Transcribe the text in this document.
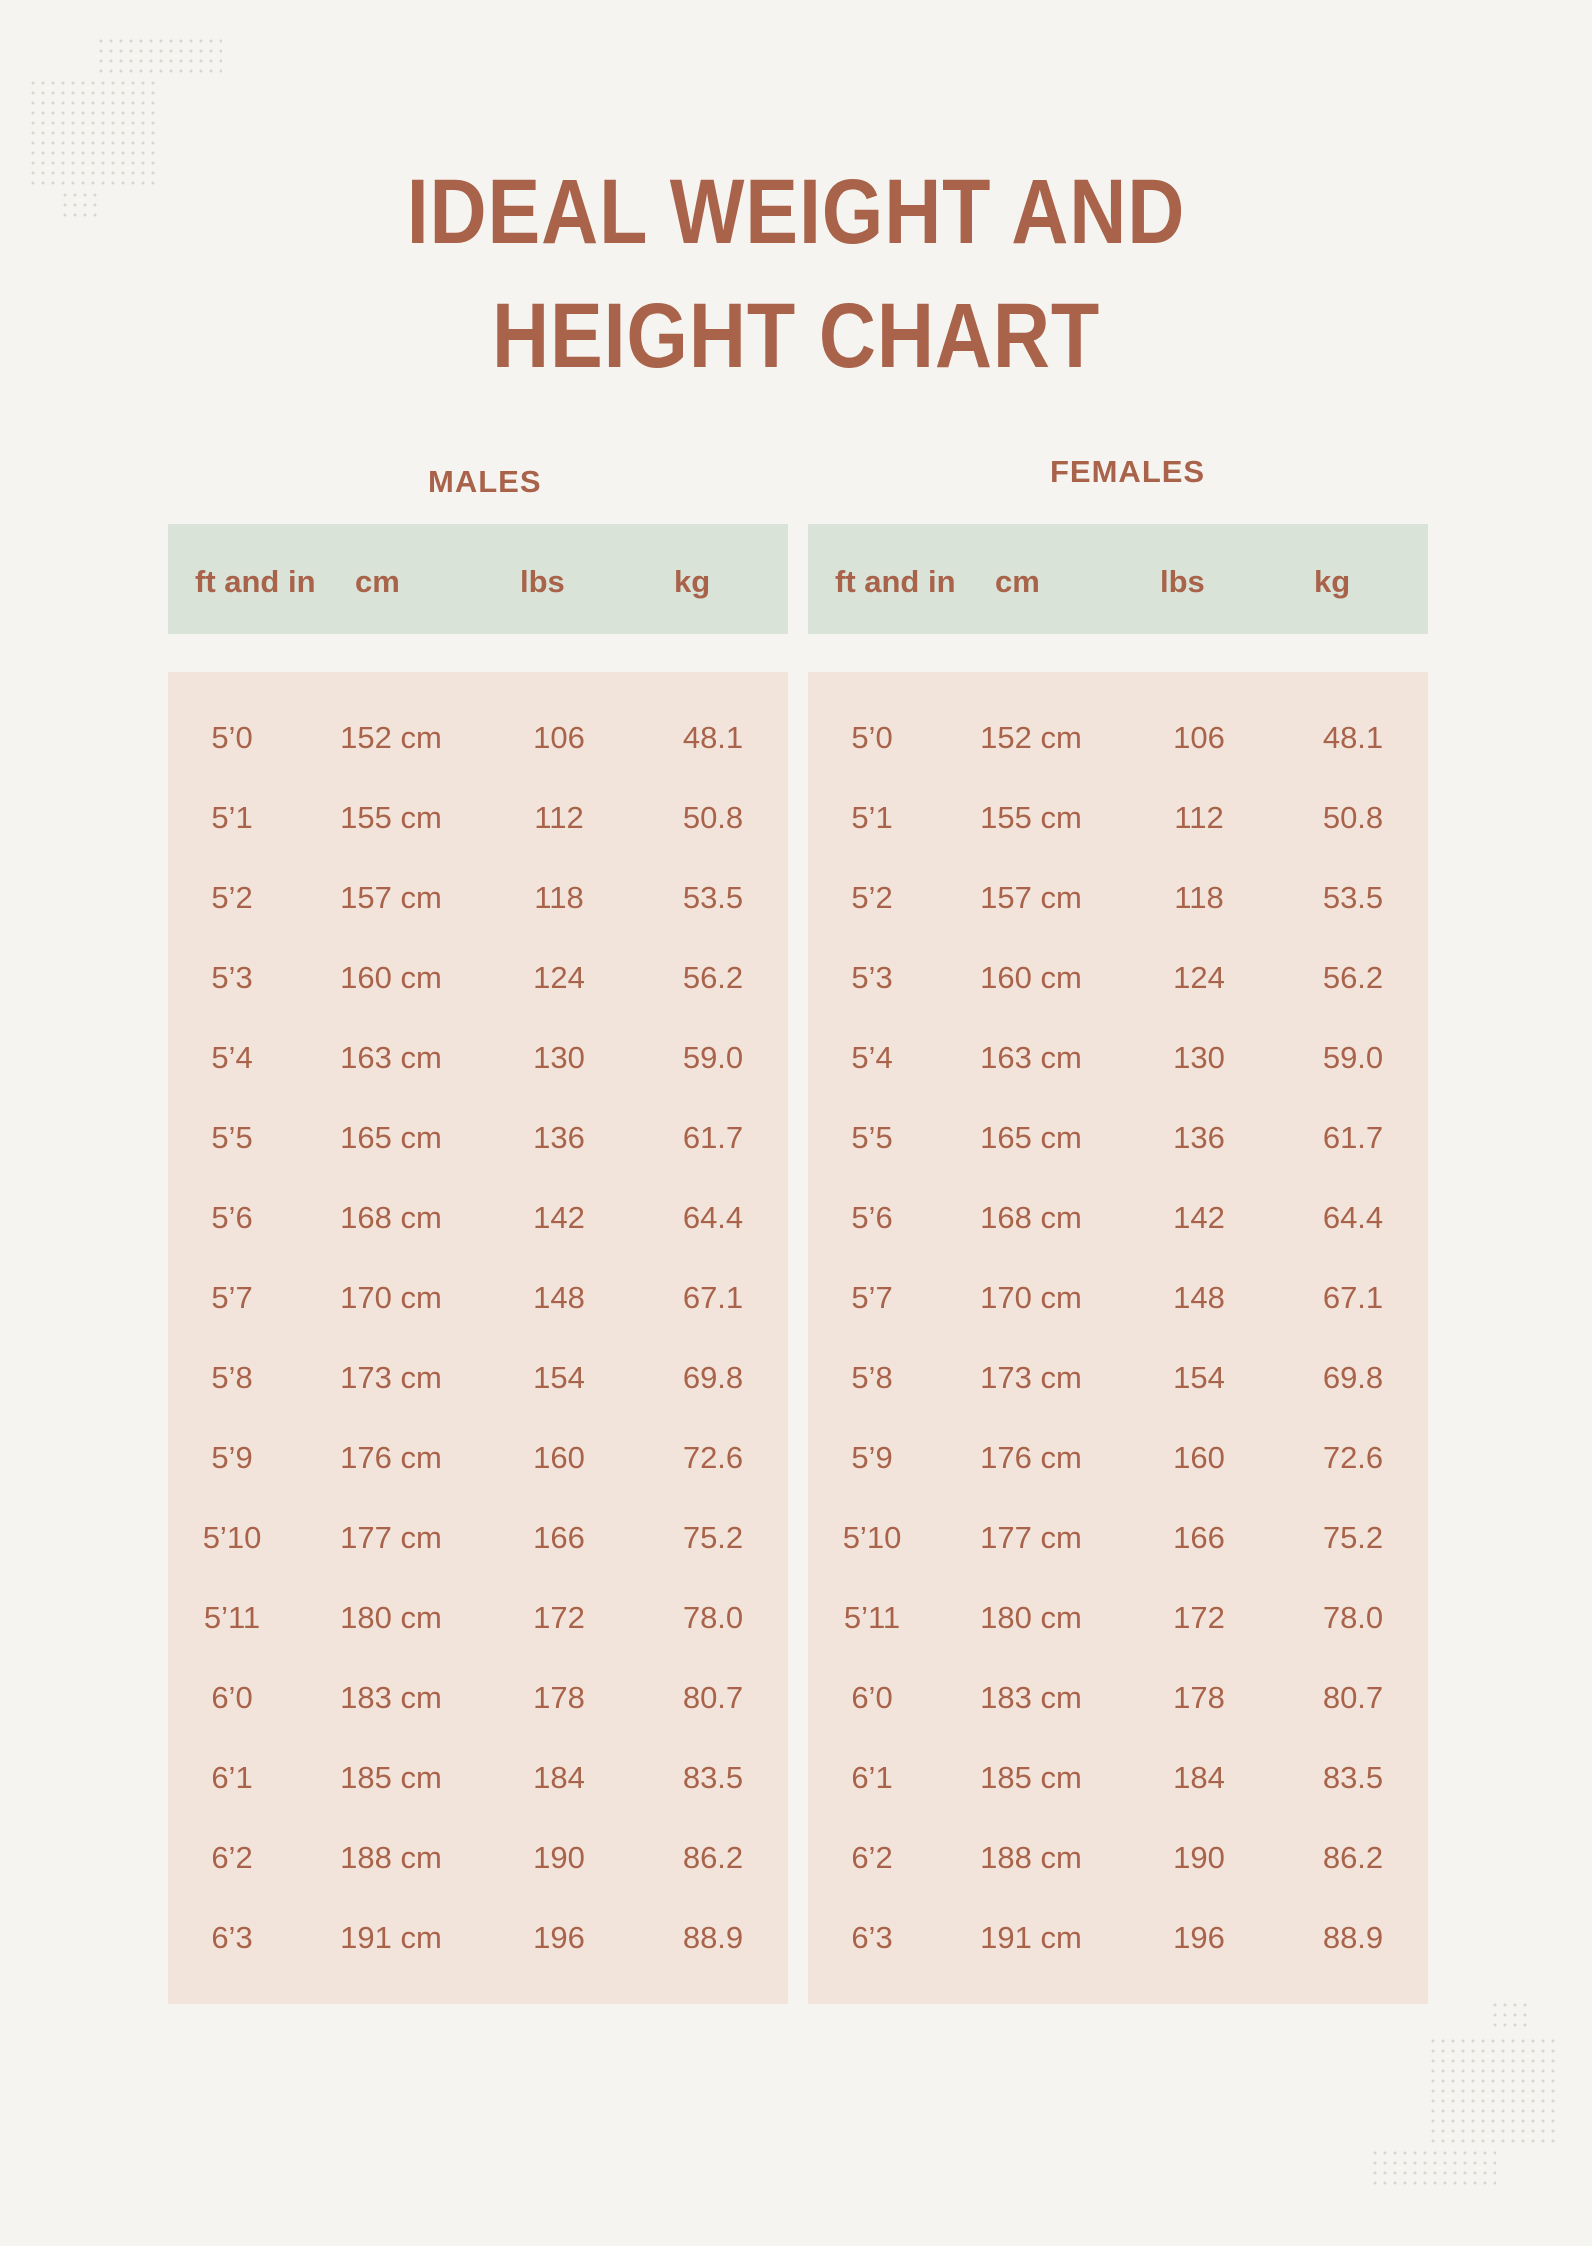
IDEAL WEIGHT AND
HEIGHT CHART
MALES	FEMALES
ft and in cm	lbs	kg	ft and in cm	lbs	kg
5’0	152 cm	106	48.1
5’1	155 cm	112	50.8
5’2	157 cm	118	53.5
5’3	160 cm	124	56.2
5’4	163 cm	130	59.0
5’5	165 cm	136	61.7
5’6	168 cm	142	64.4
5’7	170 cm	148	67.1
5’8	173 cm	154	69.8
5’9	176 cm	160	72.6
5’10	177 cm	166	75.2
5’11	180 cm	172	78.0
6’0	183 cm	178	80.7
6’1	185 cm	184	83.5
6’2	188 cm	190	86.2
6’3	191 cm	196	88.9
5’0	152 cm	106	48.1
5’1	155 cm	112	50.8
5’2	157 cm	118	53.5
5’3	160 cm	124	56.2
5’4	163 cm	130	59.0
5’5	165 cm	136	61.7
5’6	168 cm	142	64.4
5’7	170 cm	148	67.1
5’8	173 cm	154	69.8
5’9	176 cm	160	72.6
5’10	177 cm	166	75.2
5’11	180 cm	172	78.0
6’0	183 cm	178	80.7
6’1	185 cm	184	83.5
6’2	188 cm	190	86.2
6’3	191 cm	196	88.9
